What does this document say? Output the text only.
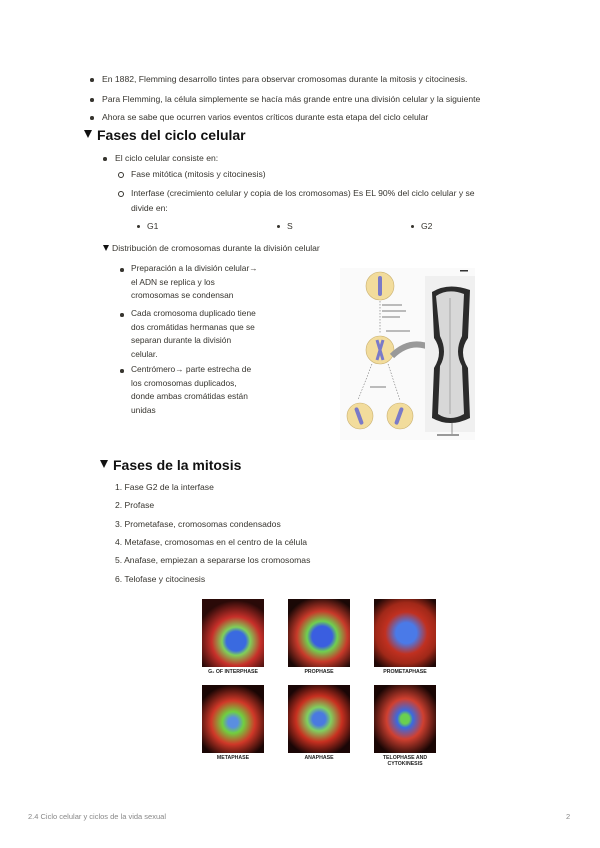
En 1882, Flemming desarrollo tintes para observar cromosomas durante la mitosis y citocinesis.
Para Flemming, la célula simplemente se hacía más grande entre una división celular y la siguiente
Ahora se sabe que ocurren varios eventos críticos durante esta etapa del ciclo celular
Fases del ciclo celular
El ciclo celular consiste en:
Fase mitótica (mitosis y citocinesis)
Interfase (crecimiento celular y copia de los cromosomas) Es EL 90% del ciclo celular y se
divide en:
G1	S	G2
Distribución de cromosomas durante la división celular
Preparación a la división celular→
el ADN se replica y los
cromosomas se condensan
Cada cromosoma duplicado tiene
dos cromátidas hermanas que se
separan durante la división
celular.
Centrómero→ parte estrecha de
los cromosomas duplicados,
donde ambas cromátidas están
unidas
Fases de la mitosis
1. Fase G2 de la interfase
2. Profase
3. Prometafase, cromosomas condensados
4. Metafase, cromosomas en el centro de la célula
5. Anafase, empiezan a separarse los cromosomas
6. Telofase y citocinesis
G₂ OF INTERPHASE	PROPHASE	PROMETAPHASE
METAPHASE	ANAPHASE	TELOPHASE AND CYTOKINESIS
2.4 Ciclo celular y ciclos de la vida sexual	2
